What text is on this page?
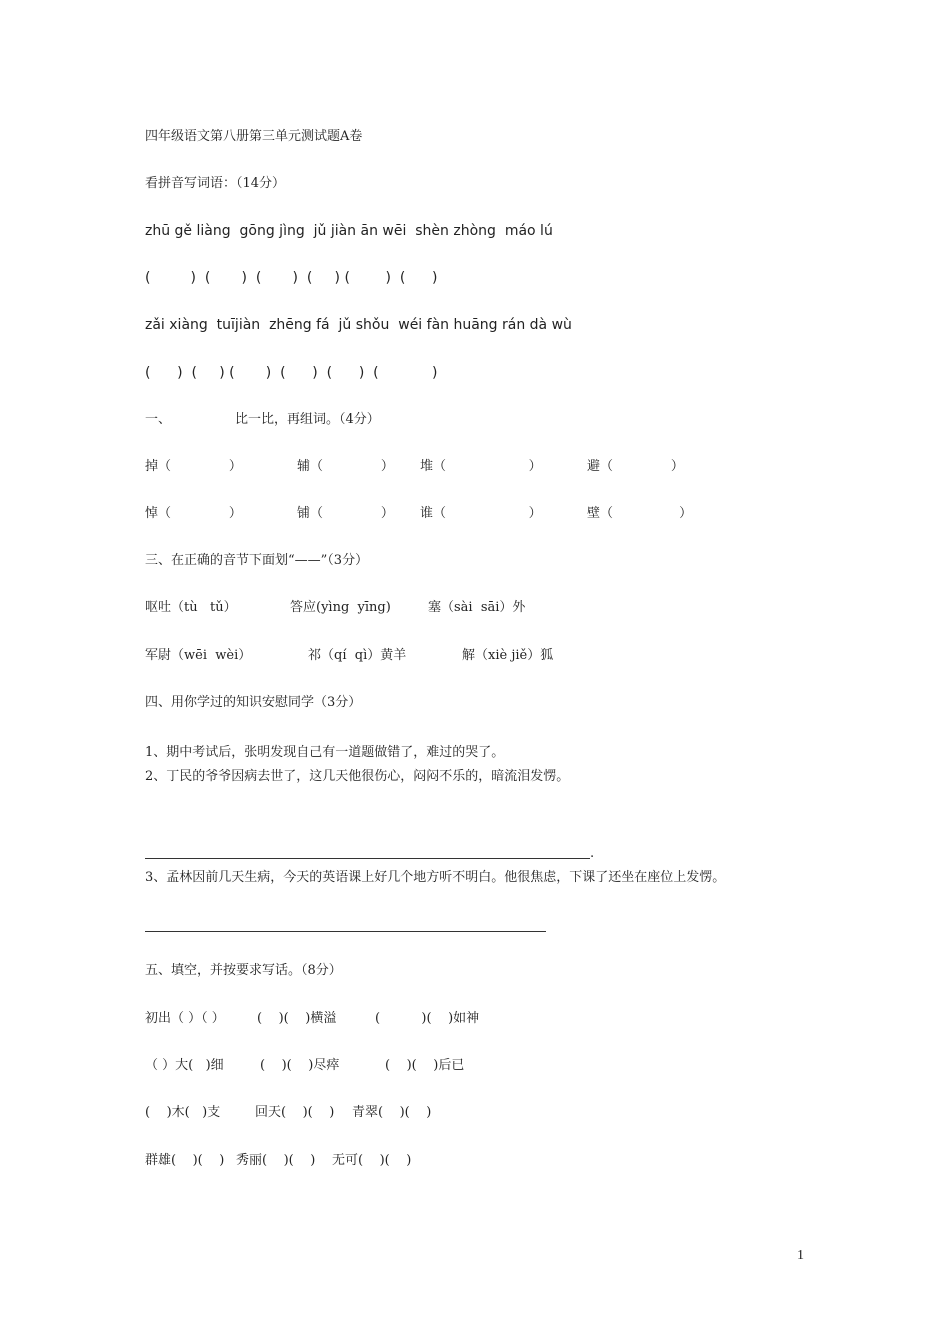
四年级语文第八册第三单元测试题A卷
看拼音写词语：（14分）
zhū gě liàng  gōng jìng  jǔ jiàn ān wēi  shèn zhòng  máo lú
(         )  (       )  (       )  (     ) (        )  (      )
zǎi xiàng  tuījiàn  zhēng fá  jǔ shǒu  wéi fàn huāng rán dà wù
(      )  (     ) (       )  (      )  (      )  (            )
一、	比一比，再组词。（4分）
掉（              ）	辅（              ） 堆（                    ）	避（              ）
悼（              ）	铺（              ） 谁（                    ）	壁（                ）
三、在正确的音节下面划“——”（3分）
呕吐（tù   tǔ）	答应(yìng  yīng)	塞（sài  sāi）外
军尉（wēi  wèi）	祁（qí  qì）黄羊	解（xiè jiě）狐
四、用你学过的知识安慰同学（3分）
1、期中考试后，张明发现自己有一道题做错了，难过的哭了。
2、丁民的爷爷因病去世了，这几天他很伤心，闷闷不乐的，暗流泪发愣。
.
3、孟林因前几天生病，今天的英语课上好几个地方听不明白。他很焦虑，下课了还坐在座位上发愣。
五、填空，并按要求写话。（8分）
初出（ ）（ ） (    )(    )横溢	(          )(    )如神
（ ）大(   )细	(    )(    )尽瘁	(    )(    )后已
(    )木(   )支	回天(    )(    ) 青翠(    )(    )
群雄(    )(    ) 秀丽(    )(    ) 无可(    )(    )
1
